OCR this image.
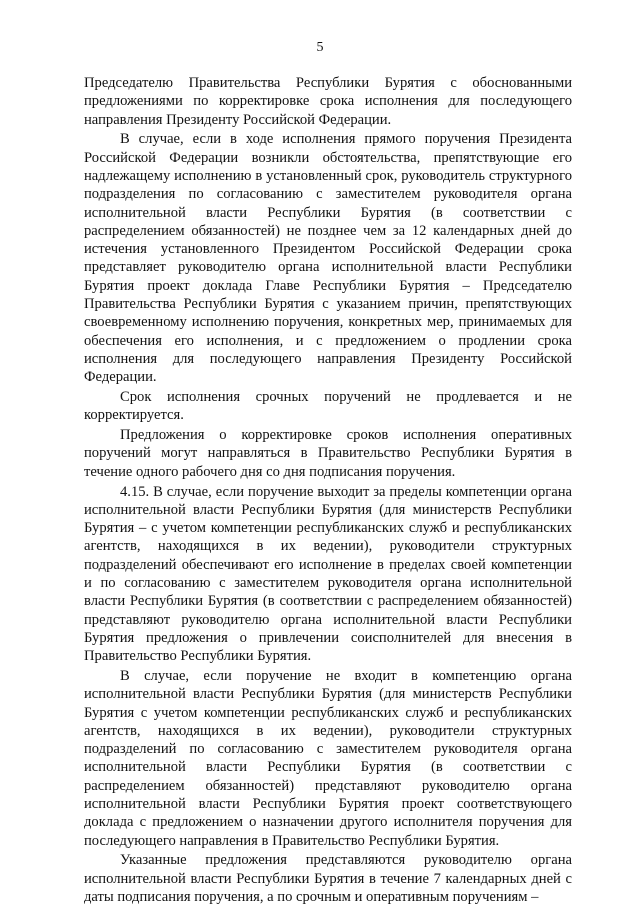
5

Председателю Правительства Республики Бурятия с обоснованными предложениями по корректировке срока исполнения для последующего направления Президенту Российской Федерации.

В случае, если в ходе исполнения прямого поручения Президента Российской Федерации возникли обстоятельства, препятствующие его надлежащему исполнению в установленный срок, руководитель структурного подразделения по согласованию с заместителем руководителя органа исполнительной власти Республики Бурятия (в соответствии с распределением обязанностей) не позднее чем за 12 календарных дней до истечения установленного Президентом Российской Федерации срока представляет руководителю органа исполнительной власти Республики Бурятия проект доклада Главе Республики Бурятия – Председателю Правительства Республики Бурятия с указанием причин, препятствующих своевременному исполнению поручения, конкретных мер, принимаемых для обеспечения его исполнения, и с предложением о продлении срока исполнения для последующего направления Президенту Российской Федерации.

Срок исполнения срочных поручений не продлевается и не корректируется.

Предложения о корректировке сроков исполнения оперативных поручений могут направляться в Правительство Республики Бурятия в течение одного рабочего дня со дня подписания поручения.

4.15. В случае, если поручение выходит за пределы компетенции органа исполнительной власти Республики Бурятия (для министерств Республики Бурятия – с учетом компетенции республиканских служб и республиканских агентств, находящихся в их ведении), руководители структурных подразделений обеспечивают его исполнение в пределах своей компетенции и по согласованию с заместителем руководителя органа исполнительной власти Республики Бурятия (в соответствии с распределением обязанностей) представляют руководителю органа исполнительной власти Республики Бурятия предложения о привлечении соисполнителей для внесения в Правительство Республики Бурятия.

В случае, если поручение не входит в компетенцию органа исполнительной власти Республики Бурятия (для министерств Республики Бурятия с учетом компетенции республиканских служб и республиканских агентств, находящихся в их ведении), руководители структурных подразделений по согласованию с заместителем руководителя органа исполнительной власти Республики Бурятия (в соответствии с распределением обязанностей) представляют руководителю органа исполнительной власти Республики Бурятия проект соответствующего доклада с предложением о назначении другого исполнителя поручения для последующего направления в Правительство Республики Бурятия.

Указанные предложения представляются руководителю органа исполнительной власти Республики Бурятия в течение 7 календарных дней с даты подписания поручения, а по срочным и оперативным поручениям –
